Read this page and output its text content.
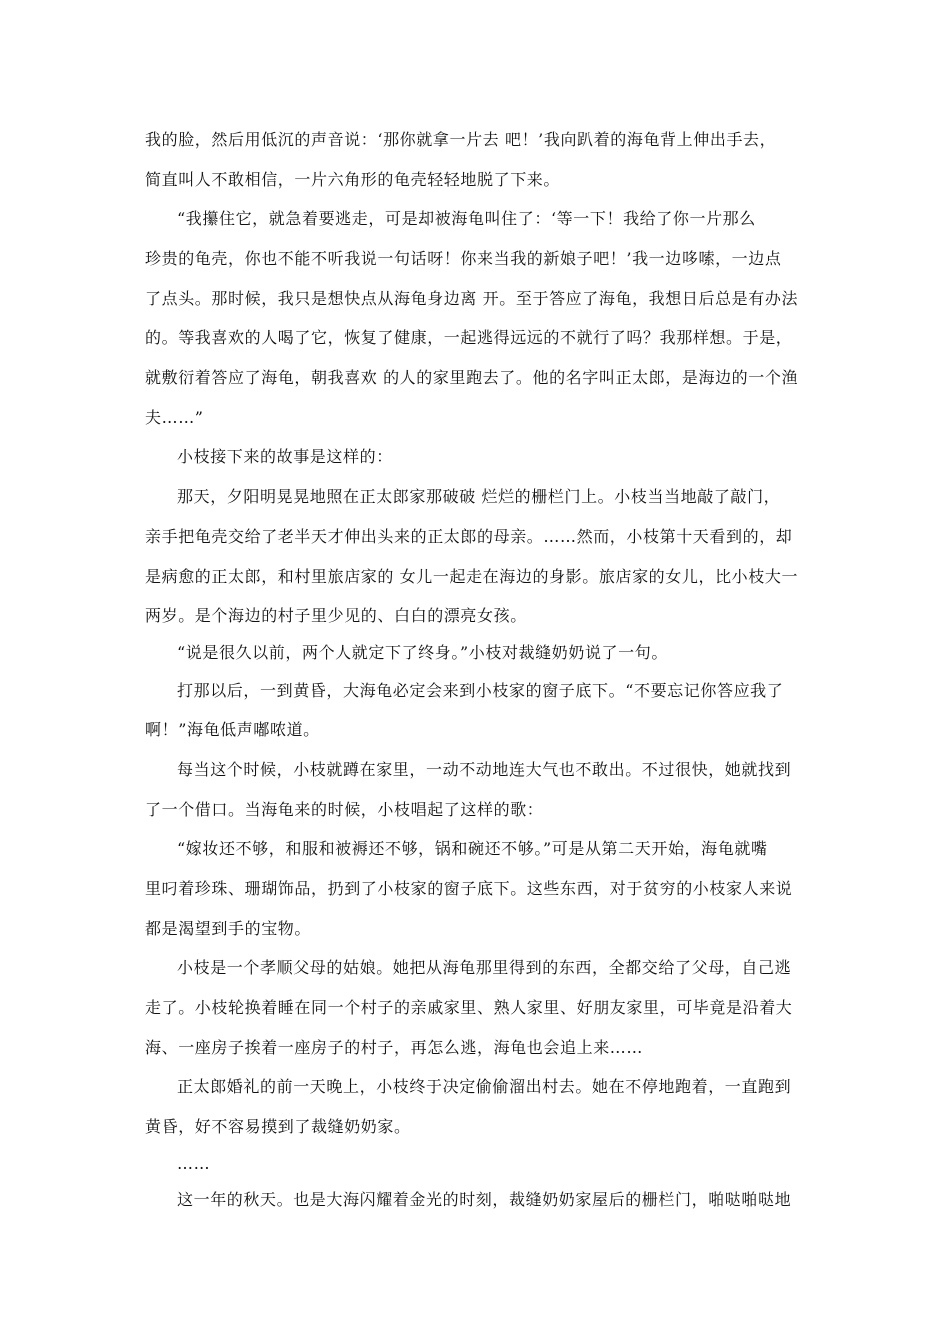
我的脸，然后用低沉的声音说：‘那你就拿一片去 吧！’我向趴着的海龟背上伸出手去，
简直叫人不敢相信，一片六角形的龟壳轻轻地脱了下来。
“我攥住它，就急着要逃走，可是却被海龟叫住了：‘等一下！我给了你一片那么
珍贵的龟壳，你也不能不听我说一句话呀！你来当我的新娘子吧！’我一边哆嗦，一边点
了点头。那时候，我只是想快点从海龟身边离 开。至于答应了海龟，我想日后总是有办法
的。等我喜欢的人喝了它，恢复了健康，一起逃得远远的不就行了吗？我那样想。于是，
就敷衍着答应了海龟，朝我喜欢 的人的家里跑去了。他的名字叫正太郎，是海边的一个渔
夫……”
小枝接下来的故事是这样的：
那天，夕阳明晃晃地照在正太郎家那破破 烂烂的栅栏门上。小枝当当地敲了敲门，
亲手把龟壳交给了老半天才伸出头来的正太郎的母亲。……然而，小枝第十天看到的，却
是病愈的正太郎，和村里旅店家的 女儿一起走在海边的身影。旅店家的女儿，比小枝大一
两岁。是个海边的村子里少见的、白白的漂亮女孩。
“说是很久以前，两个人就定下了终身。”小枝对裁缝奶奶说了一句。
打那以后，一到黄昏，大海龟必定会来到小枝家的窗子底下。“不要忘记你答应我了
啊！”海龟低声嘟哝道。
每当这个时候，小枝就蹲在家里，一动不动地连大气也不敢出。不过很快，她就找到
了一个借口。当海龟来的时候，小枝唱起了这样的歌：
“嫁妆还不够，和服和被褥还不够，锅和碗还不够。”可是从第二天开始，海龟就嘴
里叼着珍珠、珊瑚饰品，扔到了小枝家的窗子底下。这些东西，对于贫穷的小枝家人来说
都是渴望到手的宝物。
小枝是一个孝顺父母的姑娘。她把从海龟那里得到的东西，全都交给了父母，自己逃
走了。小枝轮换着睡在同一个村子的亲戚家里、熟人家里、好朋友家里，可毕竟是沿着大
海、一座房子挨着一座房子的村子，再怎么逃，海龟也会追上来……
正太郎婚礼的前一天晚上，小枝终于决定偷偷溜出村去。她在不停地跑着，一直跑到
黄昏，好不容易摸到了裁缝奶奶家。
……
这一年的秋天。也是大海闪耀着金光的时刻，裁缝奶奶家屋后的栅栏门，啪哒啪哒地
